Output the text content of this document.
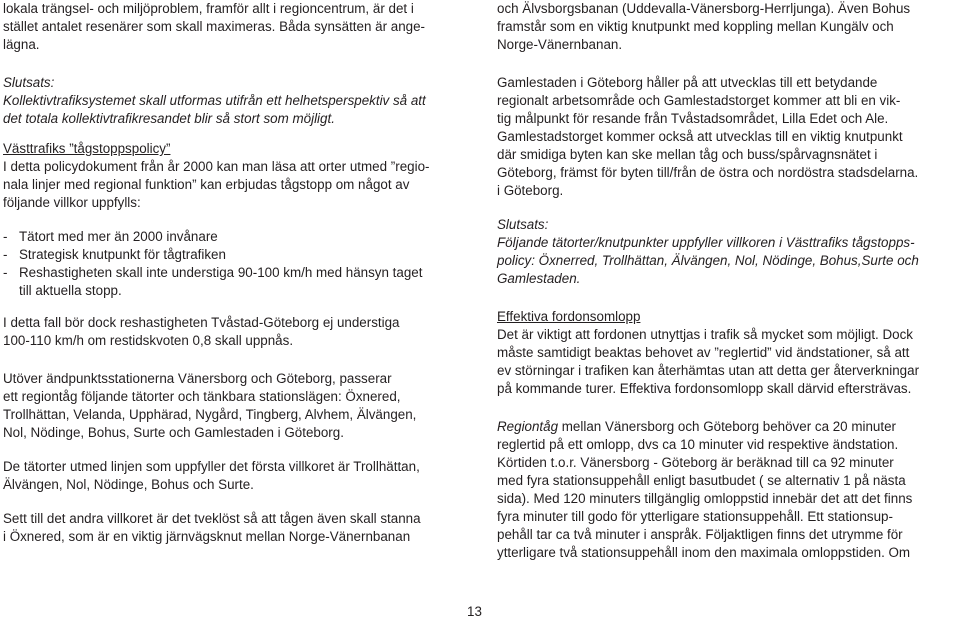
lokala trängsel- och miljöproblem, framför allt i regioncentrum, är det i

stället antalet resenärer som skall maximeras. Båda synsätten är ange-

lägna.

Slutsats:

Kollektivtrafiksystemet skall utformas utifrån ett helhetsperspektiv så att

det totala kollektivtrafikresandet blir så stort som möjligt.

Västtrafiks ”tågstoppspolicy”

I detta policydokument från år 2000 kan man läsa att orter utmed ”regio-

nala linjer med regional funktion” kan erbjudas tågstopp om något av

följande villkor uppfylls:

- Tätort med mer än 2000 invånare

- Strategisk knutpunkt för tågtrafiken

- Reshastigheten skall inte understiga 90-100 km/h med hänsyn taget

till aktuella stopp.

I detta fall bör dock reshastigheten Tvåstad-Göteborg ej understiga

100-110 km/h om restidskvoten 0,8 skall uppnås.

Utöver ändpunktsstationerna Vänersborg och Göteborg, passerar

ett regiontåg följande tätorter och tänkbara stationslägen: Öxnered,

Trollhättan, Velanda, Upphärad, Nygård, Tingberg, Alvhem, Älvängen,

Nol, Nödinge, Bohus, Surte och Gamlestaden i Göteborg.

De tätorter utmed linjen som uppfyller det första villkoret är Trollhättan,

Älvängen, Nol, Nödinge, Bohus och Surte.

Sett till det andra villkoret är det tveklöst så att tågen även skall stanna

i Öxnered, som är en viktig järnvägsknut mellan Norge-Vänernbanan

och Älvsborgsbanan (Uddevalla-Vänersborg-Herrljunga). Även Bohus

framstår som en viktig knutpunkt med koppling mellan Kungälv och

Norge-Vänernbanan.

Gamlestaden i Göteborg håller på att utvecklas till ett betydande

regionalt arbetsområde och Gamlestadstorget kommer att bli en vik-

tig målpunkt för resande från Tvåstadsområdet, Lilla Edet och Ale.

Gamlestadstorget kommer också att utvecklas till en viktig knutpunkt

där smidiga byten kan ske mellan tåg och buss/spårvagnsnätet i

Göteborg, främst för byten till/från de östra och nordöstra stadsdelarna.

i Göteborg.

Slutsats:

Följande tätorter/knutpunkter uppfyller villkoren i Västtrafiks tågstopps-

policy: Öxnerred, Trollhättan, Älvängen, Nol, Nödinge, Bohus,Surte och

Gamlestaden.

Effektiva fordonsomlopp

Det är viktigt att fordonen utnyttjas i trafik så mycket som möjligt. Dock

måste samtidigt beaktas behovet av ”reglertid” vid ändstationer, så att

ev störningar i trafiken kan återhämtas utan att detta ger återverkningar

på kommande turer. Effektiva fordonsomlopp skall därvid eftersträvas.

Regiontåg mellan Vänersborg och Göteborg behöver ca 20 minuter

reglertid på ett omlopp, dvs ca 10 minuter vid respektive ändstation.

Körtiden t.o.r. Vänersborg - Göteborg är beräknad till ca 92 minuter

med fyra stationsuppehåll enligt basutbudet ( se alternativ 1 på nästa

sida). Med 120 minuters tillgänglig omloppstid innebär det att det finns

fyra minuter till godo för ytterligare stationsuppehåll. Ett stationsup-

pehåll tar ca två minuter i anspråk. Följaktligen finns det utrymme för

ytterligare två stationsuppehåll inom den maximala omloppstiden. Om

13
